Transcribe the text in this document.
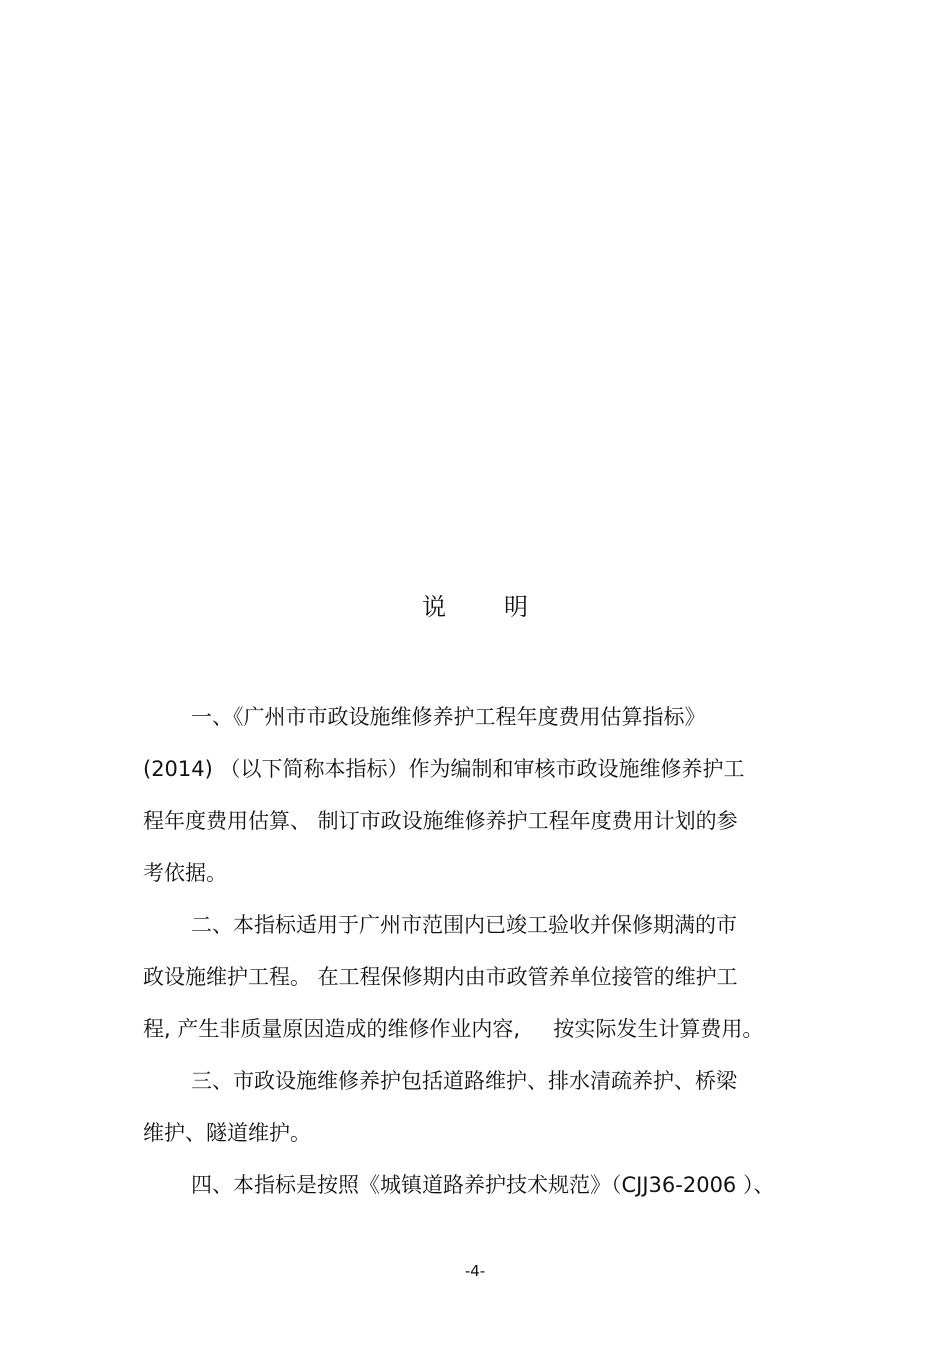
说明
一、《广州市市政设施维修养护工程年度费用估算指标》
(2014) （以下简称本指标）作为编制和审核市政设施维修养护工
程年度费用估算、 制订市政设施维修养护工程年度费用计划的参
考依据。
二、本指标适用于广州市范围内已竣工验收并保修期满的市
政设施维护工程。 在工程保修期内由市政管养单位接管的维护工
程, 产生非质量原因造成的维修作业内容,     按实际发生计算费用。
三、市政设施维修养护包括道路维护、排水清疏养护、桥梁
维护、隧道维护。
四、本指标是按照《城镇道路养护技术规范》（CJJ36-2006 ）、
-4-
